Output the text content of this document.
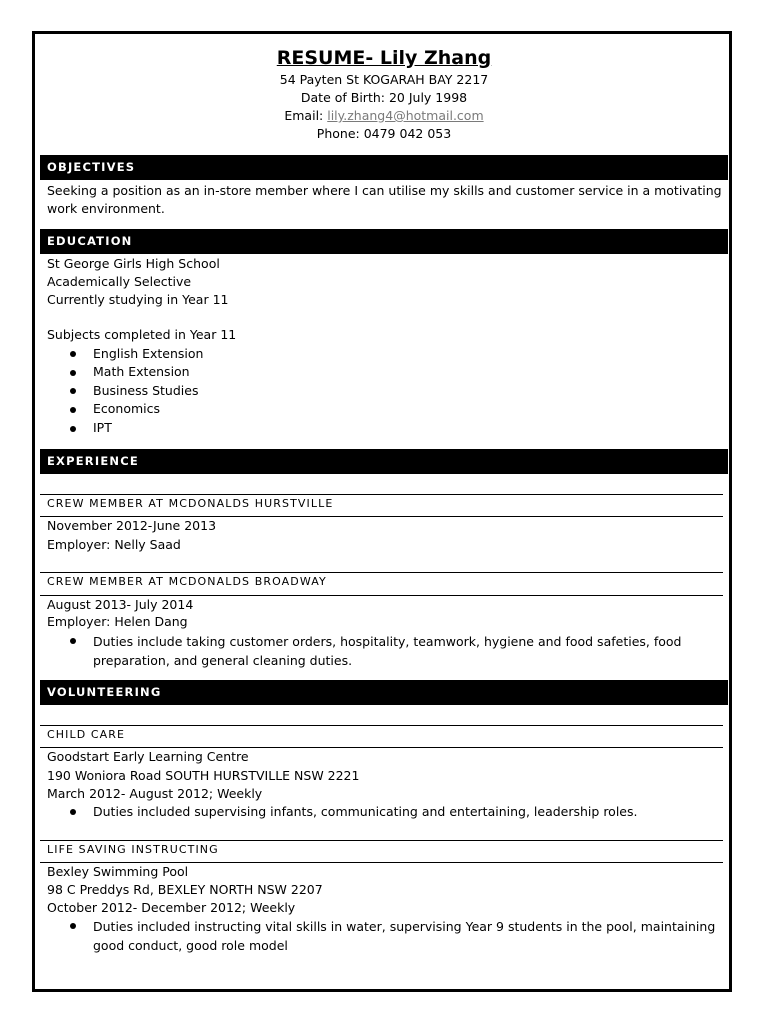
RESUME- Lily Zhang
54 Payten St KOGARAH BAY 2217
Date of Birth: 20 July 1998
Email: lily.zhang4@hotmail.com
Phone: 0479 042 053
OBJECTIVES
Seeking a position as an in-store member where I can utilise my skills and customer service in a motivating work environment.
EDUCATION
St George Girls High School
Academically Selective
Currently studying in Year 11
Subjects completed in Year 11
English Extension
Math Extension
Business Studies
Economics
IPT
EXPERIENCE
CREW MEMBER AT MCDONALDS HURSTVILLE
November 2012-June 2013
Employer: Nelly Saad
CREW MEMBER AT MCDONALDS BROADWAY
August 2013- July 2014
Employer: Helen Dang
Duties include taking customer orders, hospitality, teamwork, hygiene and food safeties, food preparation, and general cleaning duties.
VOLUNTEERING
CHILD CARE
Goodstart Early Learning Centre
190 Woniora Road SOUTH HURSTVILLE NSW 2221
March 2012- August 2012; Weekly
Duties included supervising infants, communicating and entertaining, leadership roles.
LIFE SAVING INSTRUCTING
Bexley Swimming Pool
98 C Preddys Rd, BEXLEY NORTH NSW 2207
October 2012- December 2012; Weekly
Duties included instructing vital skills in water, supervising Year 9 students in the pool, maintaining good conduct, good role model
